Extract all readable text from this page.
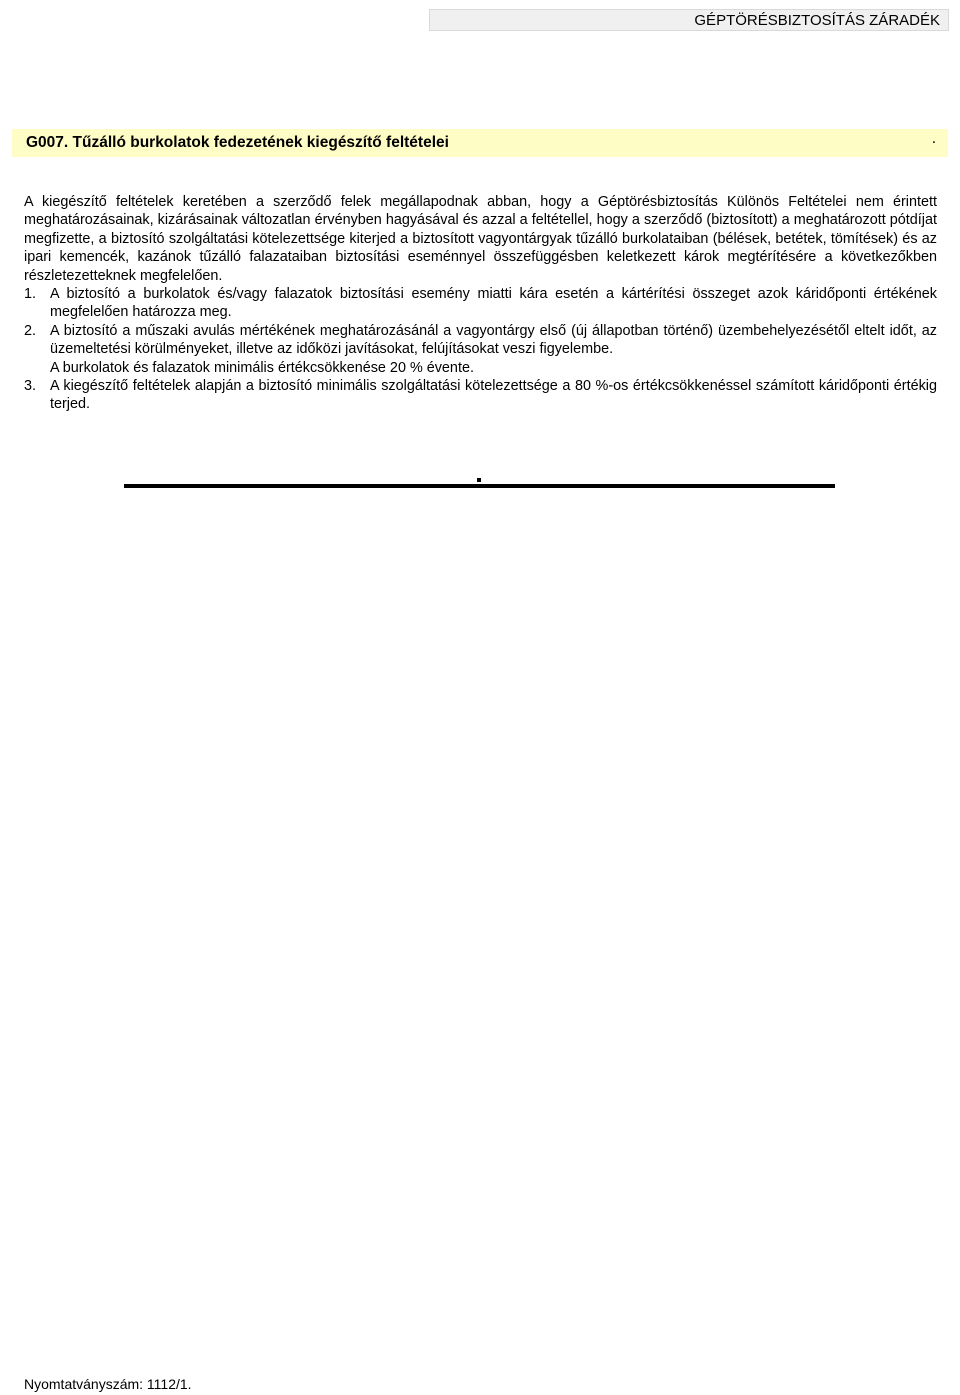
GÉPTÖRÉSBIZTOSÍTÁS ZÁRADÉK
G007. Tűzálló burkolatok fedezetének kiegészítő feltételei	.

A kiegészítő feltételek keretében a szerződő felek megállapodnak abban, hogy a Géptörésbiztosítás Különös Feltételei nem érintett meghatározásainak, kizárásainak változatlan érvényben hagyásával és azzal a feltétellel, hogy a szerződő (biztosított) a meghatározott pótdíjat megfizette, a biztosító szolgáltatási kötelezettsége kiterjed a biztosított vagyontárgyak tűzálló burkolataiban (bélések, betétek, tömítések) és az ipari kemencék, kazánok tűzálló falazataiban biztosítási eseménnyel összefüggésben keletkezett károk megtérítésére a következőkben részletezetteknek megfelelően.

1. A biztosító a burkolatok és/vagy falazatok biztosítási esemény miatti kára esetén a kártérítési összeget azok káridőponti értékének megfelelően határozza meg.

2. A biztosító a műszaki avulás mértékének meghatározásánál a vagyontárgy első (új állapotban történő) üzembehelyezésétől eltelt időt, az üzemeltetési körülményeket, illetve az időközi javításokat, felújításokat veszi figyelembe.

A burkolatok és falazatok minimális értékcsökkenése 20 % évente.

3. A kiegészítő feltételek alapján a biztosító minimális szolgáltatási kötelezettsége a 80 %-os értékcsökkenéssel számított káridőponti értékig terjed.

Nyomtatványszám: 1112/1.
